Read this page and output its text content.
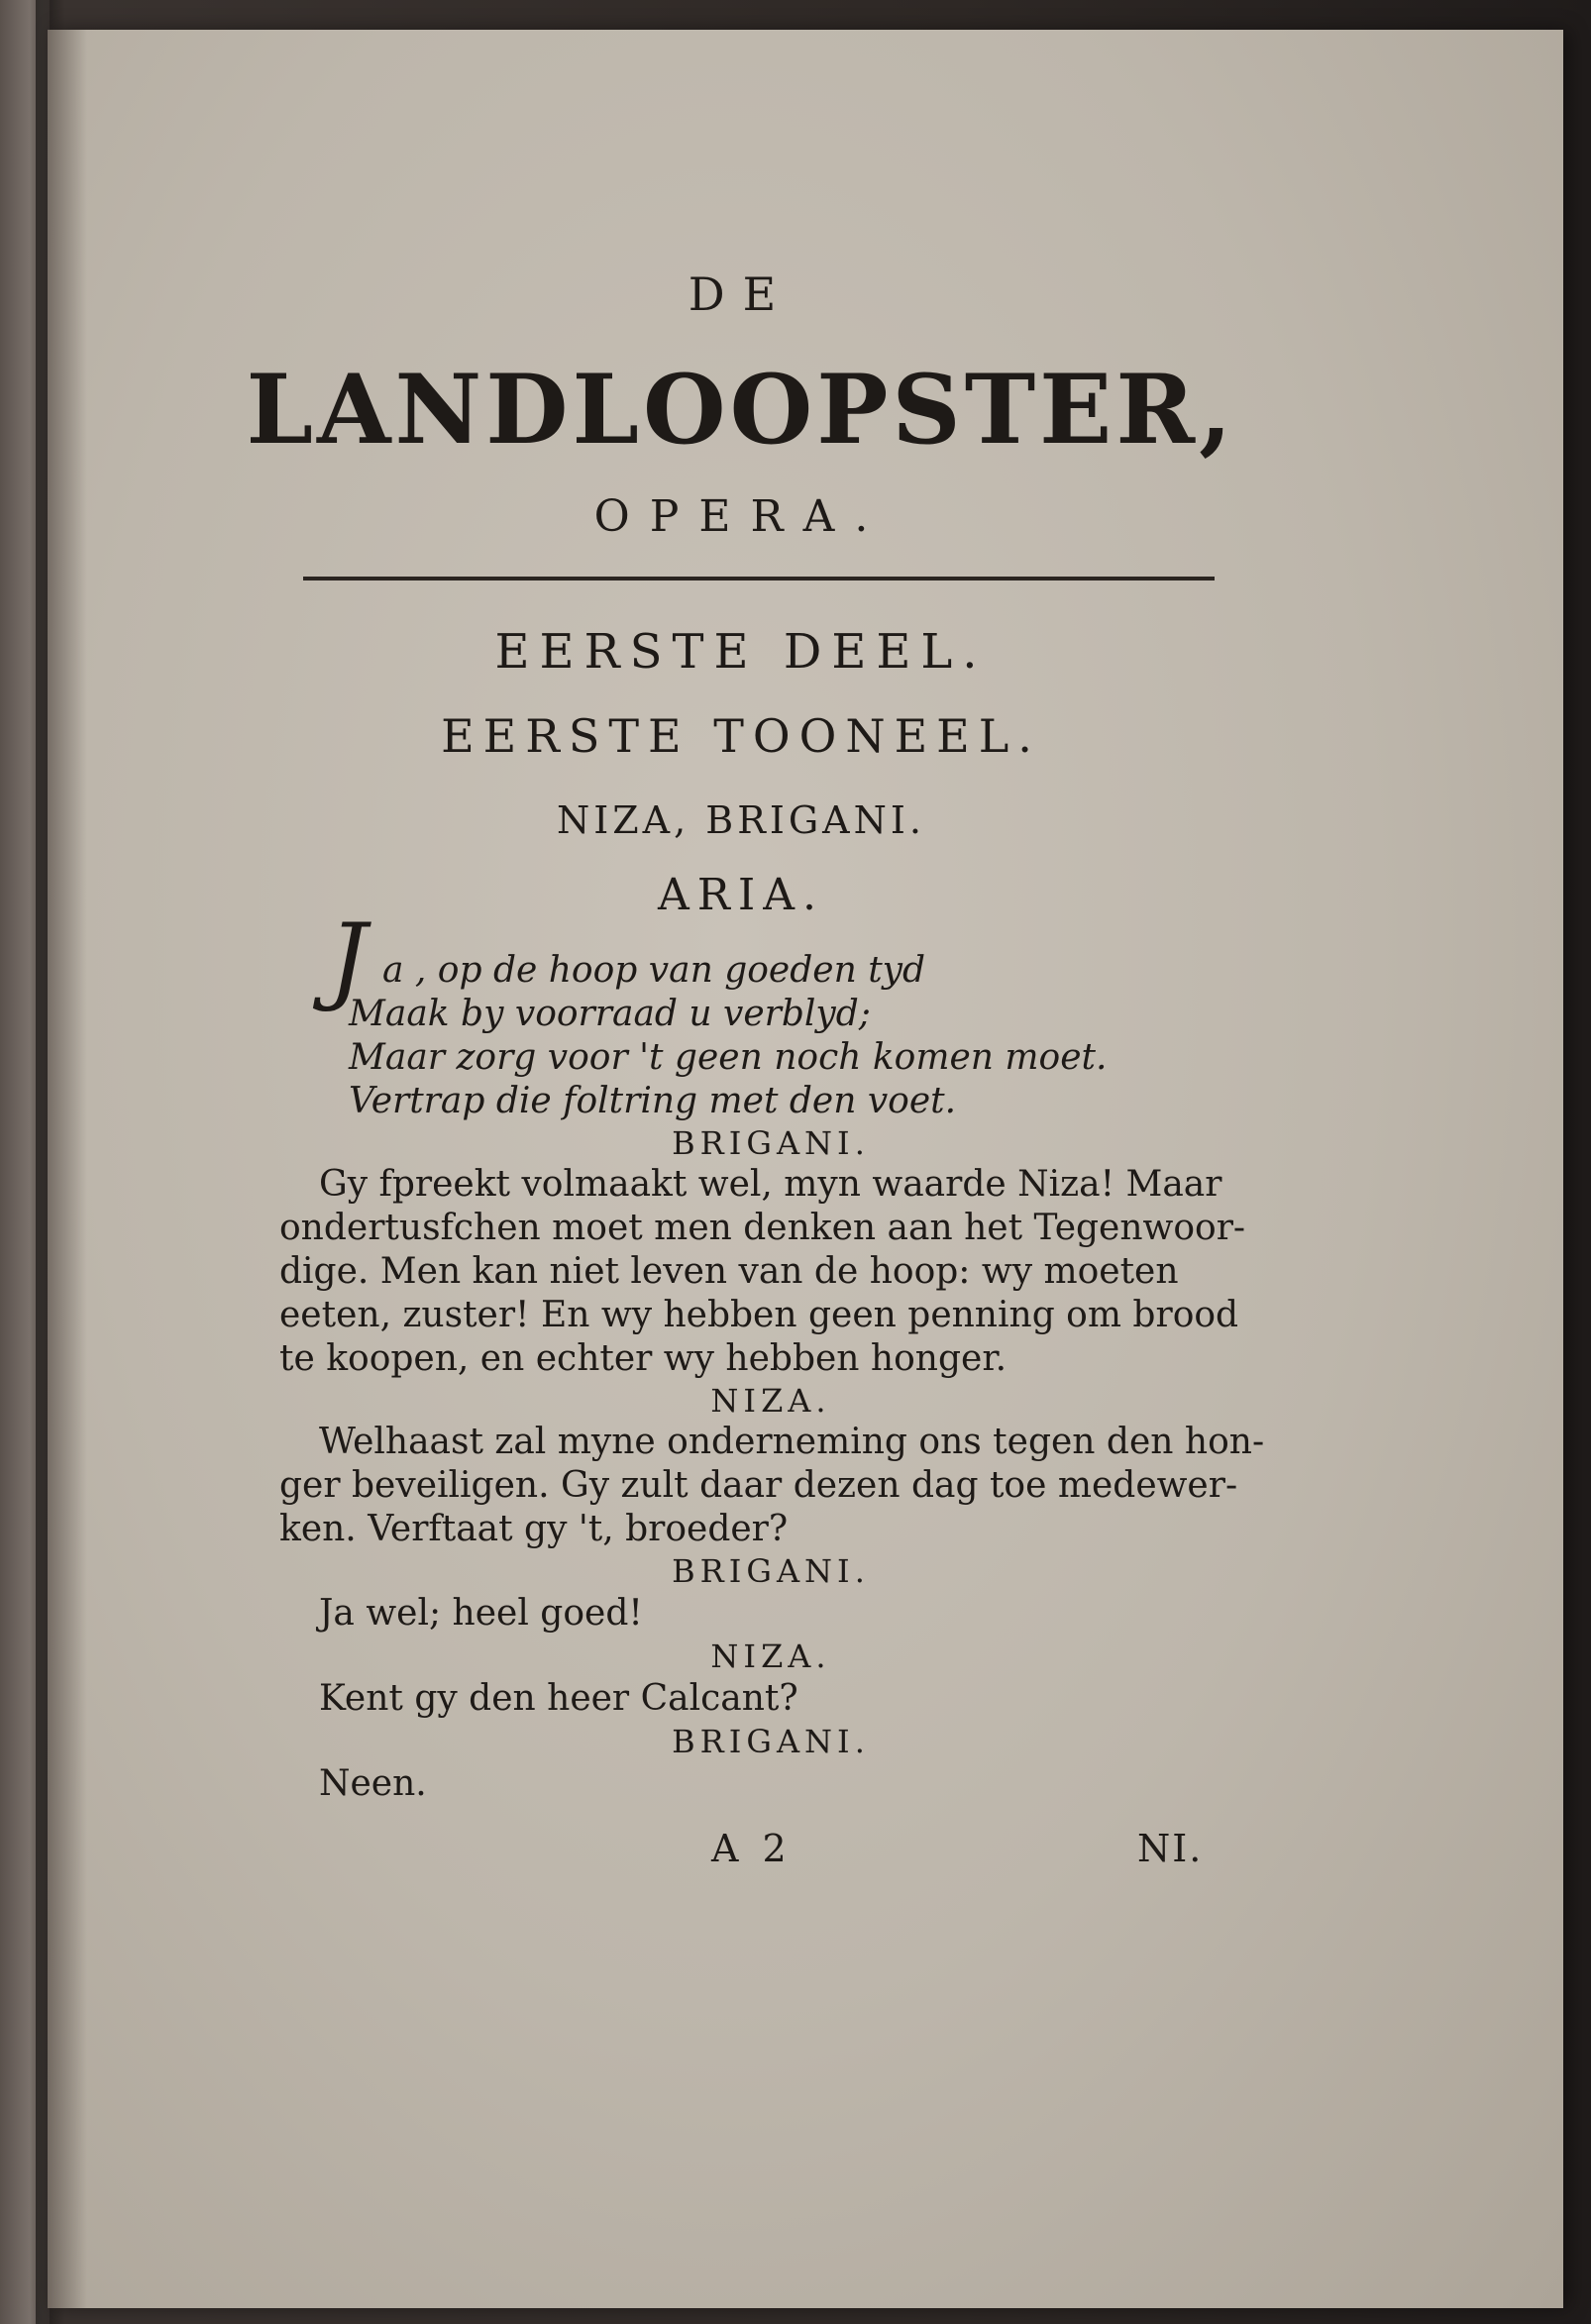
DE
LANDLOOPSTER,
OPERA.
EERSTE DEEL.
EERSTE TOONEEL.
NIZA, BRIGANI.
ARIA.
J a , op de hoop van goeden tyd
Maak by voorraad u verblyd;
Maar zorg voor 't geen noch komen moet.
Vertrap die foltring met den voet.
BRIGANI.
Gy fpreekt volmaakt wel, myn waarde Niza! Maar
ondertusfchen moet men denken aan het Tegenwoor-
dige. Men kan niet leven van de hoop: wy moeten
eeten, zuster! En wy hebben geen penning om brood
te koopen, en echter wy hebben honger.
NIZA.
Welhaast zal myne onderneming ons tegen den hon-
ger beveiligen. Gy zult daar dezen dag toe medewer-
ken. Verftaat gy 't, broeder?
BRIGANI.
Ja wel; heel goed!
NIZA.
Kent gy den heer Calcant?
BRIGANI.
Neen.
A 2	NI.
